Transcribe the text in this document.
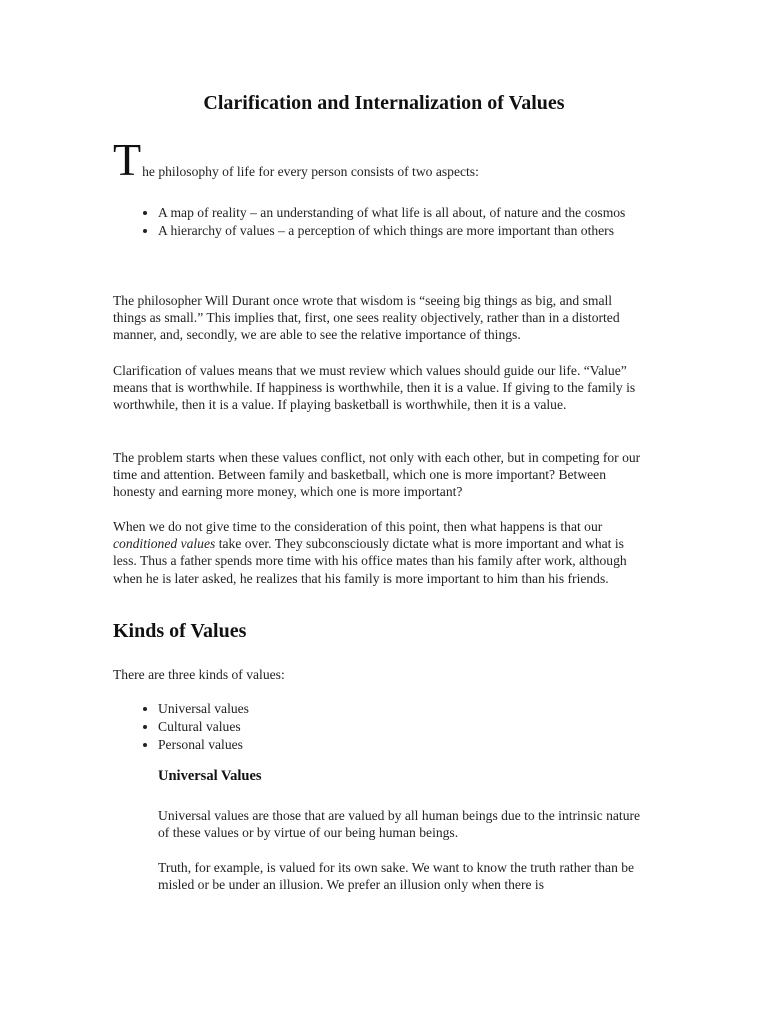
Clarification and Internalization of Values
T he philosophy of life for every person consists of two aspects:
• A map of reality – an understanding of what life is all about, of nature and the cosmos
• A hierarchy of values – a perception of which things are more important than others

The philosopher Will Durant once wrote that wisdom is “seeing big things as big, and small things as small.” This implies that, first, one sees reality objectively, rather than in a distorted manner, and, secondly, we are able to see the relative importance of things.

Clarification of values means that we must review which values should guide our life. “Value” means that is worthwhile. If happiness is worthwhile, then it is a value. If giving to the family is worthwhile, then it is a value. If playing basketball is worthwhile, then it is a value.

The problem starts when these values conflict, not only with each other, but in competing for our time and attention. Between family and basketball, which one is more important? Between honesty and earning more money, which one is more important?

When we do not give time to the consideration of this point, then what happens is that our conditioned values take over. They subconsciously dictate what is more important and what is less. Thus a father spends more time with his office mates than his family after work, although when he is later asked, he realizes that his family is more important to him than his friends.

Kinds of Values

There are three kinds of values:

• Universal values
• Cultural values
• Personal values
Universal Values

Universal values are those that are valued by all human beings due to the intrinsic nature of these values or by virtue of our being human beings.

Truth, for example, is valued for its own sake. We want to know the truth rather than be misled or be under an illusion. We prefer an illusion only when there is
